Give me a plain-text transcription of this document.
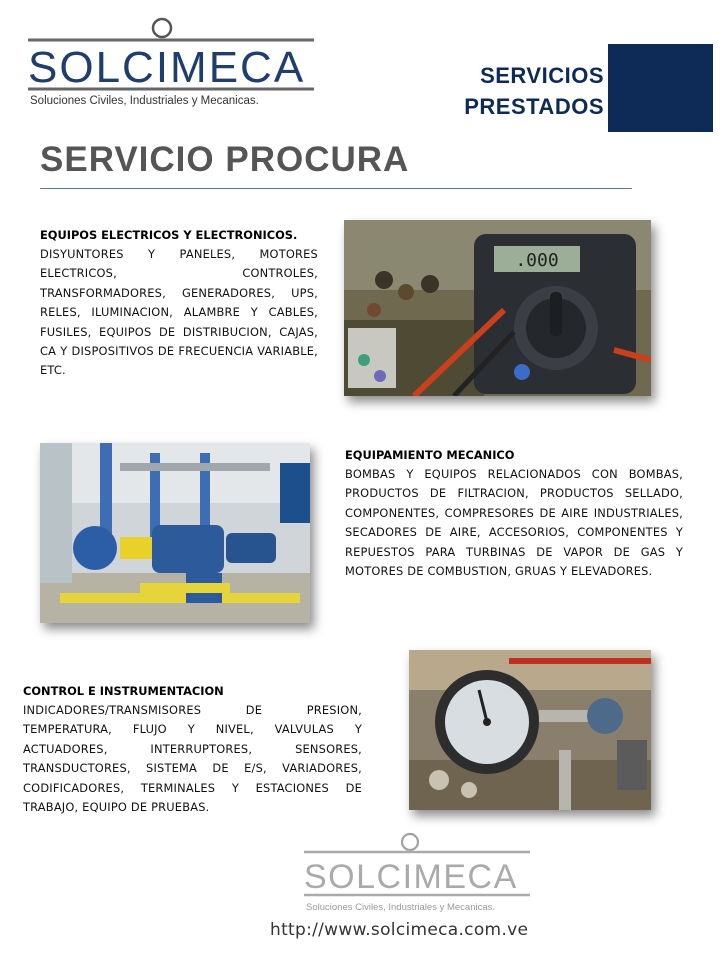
SOLCIMECA
Soluciones Civiles, Industriales y Mecanicas.
SERVICIOS
PRESTADOS
SERVICIO PROCURA
EQUIPOS ELECTRICOS Y ELECTRONICOS.

DISYUNTORES Y PANELES, MOTORES ELECTRICOS, CONTROLES, TRANSFORMADORES, GENERADORES, UPS, RELES, ILUMINACION, ALAMBRE Y CABLES, FUSILES, EQUIPOS DE DISTRIBUCION, CAJAS, CA Y DISPOSITIVOS DE FRECUENCIA VARIABLE, ETC.

.000
EQUIPAMIENTO MECANICO

BOMBAS Y EQUIPOS RELACIONADOS CON BOMBAS, PRODUCTOS DE FILTRACION, PRODUCTOS SELLADO, COMPONENTES, COMPRESORES DE AIRE INDUSTRIALES, SECADORES DE AIRE, ACCESORIOS, COMPONENTES Y REPUESTOS PARA TURBINAS DE VAPOR DE GAS Y MOTORES DE COMBUSTION, GRUAS Y ELEVADORES.

CONTROL E INSTRUMENTACION

INDICADORES/TRANSMISORES DE PRESION, TEMPERATURA, FLUJO Y NIVEL, VALVULAS Y ACTUADORES, INTERRUPTORES, SENSORES, TRANSDUCTORES, SISTEMA DE E/S, VARIADORES, CODIFICADORES, TERMINALES Y ESTACIONES DE TRABAJO, EQUIPO DE PRUEBAS.

SOLCIMECA
Soluciones Civiles, Industriales y Mecanicas.
http://www.solcimeca.com.ve
